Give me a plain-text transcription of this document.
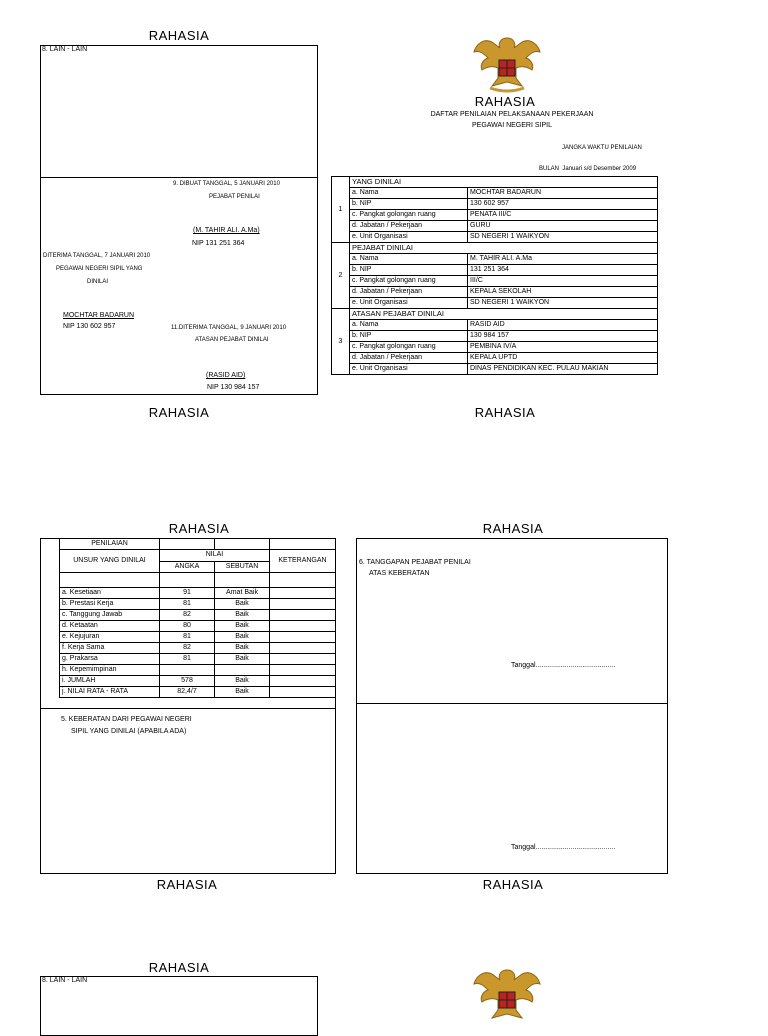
RAHASIA
8. LAIN - LAIN
9. DIBUAT TANGGAL, 5 JANUARI 2010
PEJABAT PENILAI
(M. TAHIR ALI. A.Ma)
NIP 131 251 364
DITERIMA TANGGAL, 7 JANUARI 2010
PEGAWAI NEGERI SIPIL YANG
DINILAI
MOCHTAR BADARUN
NIP 130 602 957	11.DITERIMA TANGGAL, 9 JANUARI 2010
ATASAN PEJABAT DINILAI
(RASID AID)
NIP 130 984 157
RAHASIA
RAHASIA
DAFTAR PENILAIAN PELAKSANAAN PEKERJAAN
PEGAWAI NEGERI SIPIL
JANGKA WAKTU PENILAIAN
BULAN Januari s/d Desember 2009
1	YANG DINILAI	
	a. Nama	MOCHTAR BADARUN
	b. NIP	130 602 957
	c. Pangkat golongan ruang	PENATA III/C
	d. Jabatan / Pekerjaan	GURU
	e. Unit Organisasi	SD NEGERI 1 WAIKYON
2	PEJABAT DINILAI	
	a. Nama	M. TAHIR ALI. A.Ma
	b. NIP	131 251 364
	c. Pangkat golongan ruang	III/C
	d. Jabatan / Pekerjaan	KEPALA SEKOLAH
	e. Unit Organisasi	SD NEGERI 1 WAIKYON
3	ATASAN PEJABAT DINILAI	
	a. Nama	RASID AID
	b. NIP	130 984 157
	c. Pangkat golongan ruang	PEMBINA IV/A
	d. Jabatan / Pekerjaan	KEPALA UPTD
	e. Unit Organisasi	DINAS PENDIDIKAN KEC. PULAU MAKIAN
RAHASIA
RAHASIA
PENILAIAN			
UNSUR YANG DINILAI	NILAI		KETERANGAN
	ANGKA	SEBUTAN	

a. Kesetiaan	91	Amat Baik	
b. Prestasi Kerja	81	Baik	
c. Tanggung Jawab	82	Baik	
d. Ketaatan	80	Baik	
e. Kejujuran	81	Baik	
f. Kerja Sama	82	Baik	
g. Prakarsa	81	Baik	
h. Kepemimpinan			
i. JUMLAH	578	Baik	
j. NILAI RATA - RATA	82,4/7	Baik	
5. KEBERATAN DARI PEGAWAI NEGERI
SIPIL YANG DINILAI (APABILA ADA)
RAHASIA
RAHASIA
6. TANGGAPAN PEJABAT PENILAI
ATAS KEBERATAN
Tanggal.........................................
Tanggal.........................................
RAHASIA
RAHASIA
8. LAIN - LAIN
